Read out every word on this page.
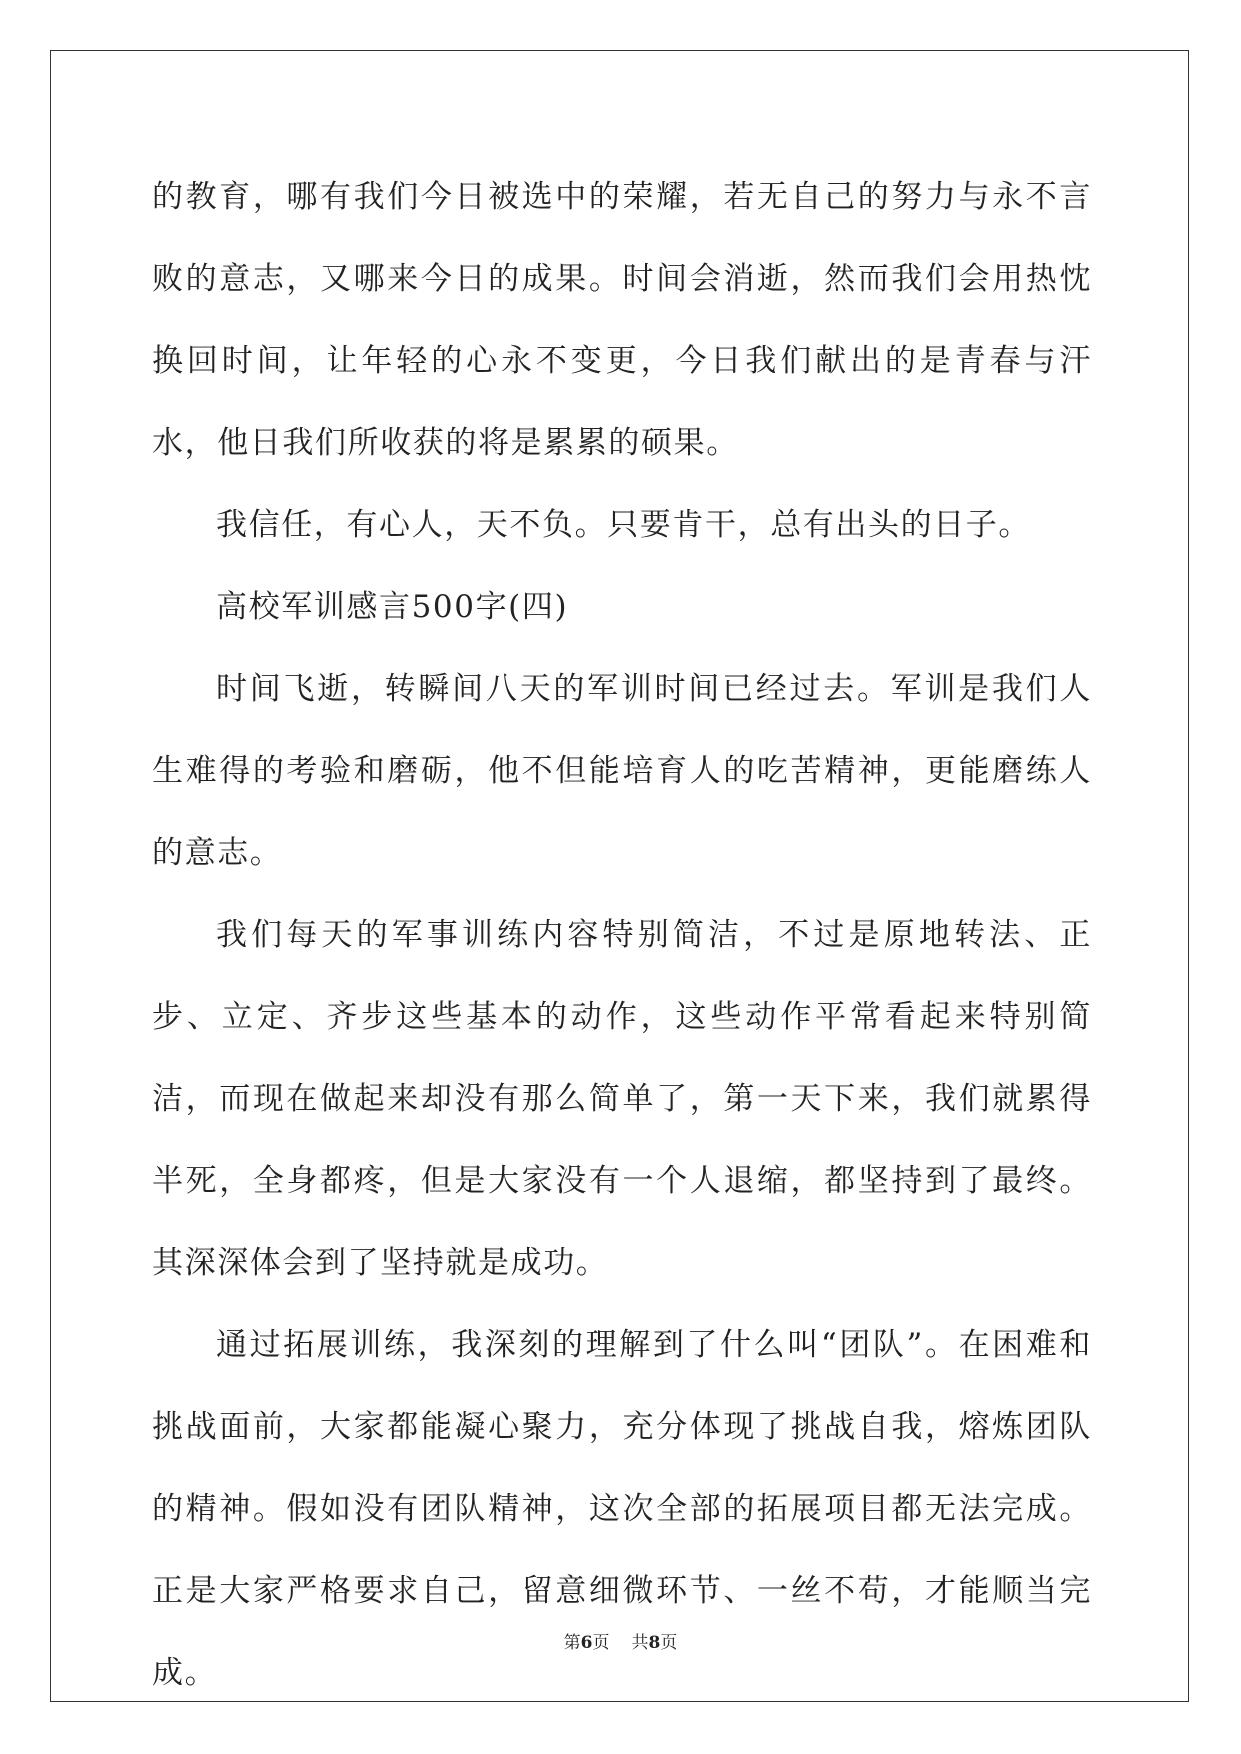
的教育，哪有我们今日被选中的荣耀，若无自己的努力与永不言败的意志，又哪来今日的成果。时间会消逝，然而我们会用热忱换回时间，让年轻的心永不变更，今日我们献出的是青春与汗水，他日我们所收获的将是累累的硕果。

我信任，有心人，天不负。只要肯干，总有出头的日子。

高校军训感言500字(四)

时间飞逝，转瞬间八天的军训时间已经过去。军训是我们人生难得的考验和磨砺，他不但能培育人的吃苦精神，更能磨练人的意志。

我们每天的军事训练内容特别简洁，不过是原地转法、正步、立定、齐步这些基本的动作，这些动作平常看起来特别简洁，而现在做起来却没有那么简单了，第一天下来，我们就累得半死，全身都疼，但是大家没有一个人退缩，都坚持到了最终。其深深体会到了坚持就是成功。

通过拓展训练，我深刻的理解到了什么叫“团队”。在困难和挑战面前，大家都能凝心聚力，充分体现了挑战自我，熔炼团队的精神。假如没有团队精神，这次全部的拓展项目都无法完成。正是大家严格要求自己，留意细微环节、一丝不苟，才能顺当完成。

第6页 共8页
